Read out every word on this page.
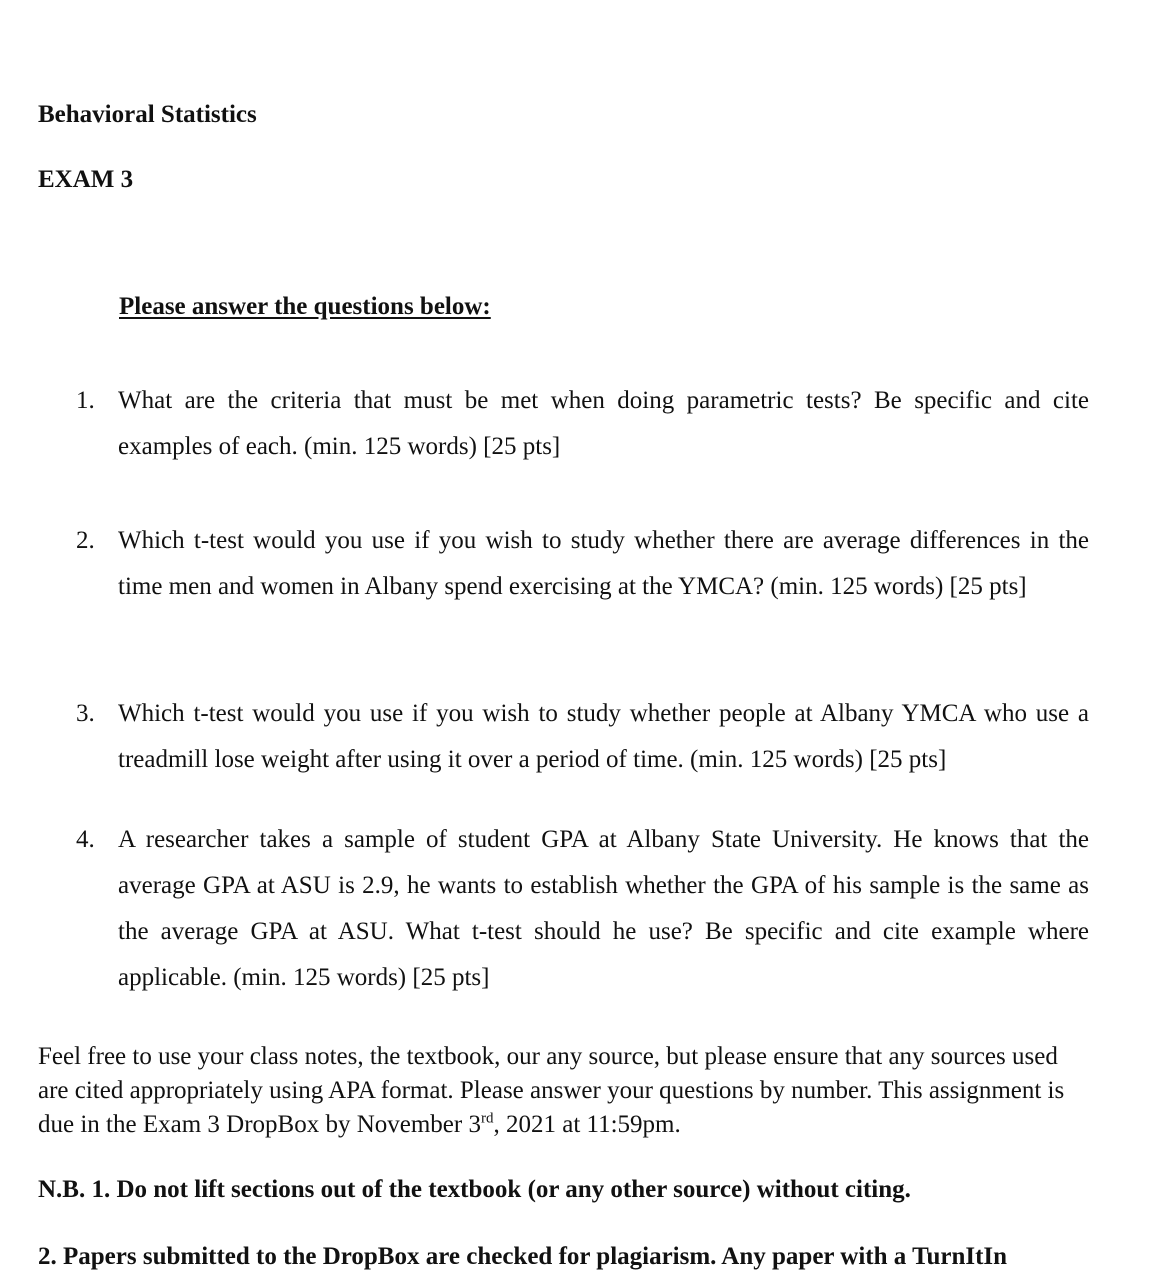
Behavioral Statistics
EXAM 3
Please answer the questions below:
1. What are the criteria that must be met when doing parametric tests? Be specific and cite examples of each. (min. 125 words) [25 pts]
2. Which t-test would you use if you wish to study whether there are average differences in the time men and women in Albany spend exercising at the YMCA? (min. 125 words) [25 pts]
3. Which t-test would you use if you wish to study whether people at Albany YMCA who use a treadmill lose weight after using it over a period of time. (min. 125 words) [25 pts]
4. A researcher takes a sample of student GPA at Albany State University. He knows that the average GPA at ASU is 2.9, he wants to establish whether the GPA of his sample is the same as the average GPA at ASU. What t-test should he use? Be specific and cite example where applicable. (min. 125 words) [25 pts]

Feel free to use your class notes, the textbook, our any source, but please ensure that any sources used are cited appropriately using APA format. Please answer your questions by number. This assignment is due in the Exam 3 DropBox by November 3rd, 2021 at 11:59pm.

N.B. 1. Do not lift sections out of the textbook (or any other source) without citing.
2. Papers submitted to the DropBox are checked for plagiarism. Any paper with a TurnItIn
